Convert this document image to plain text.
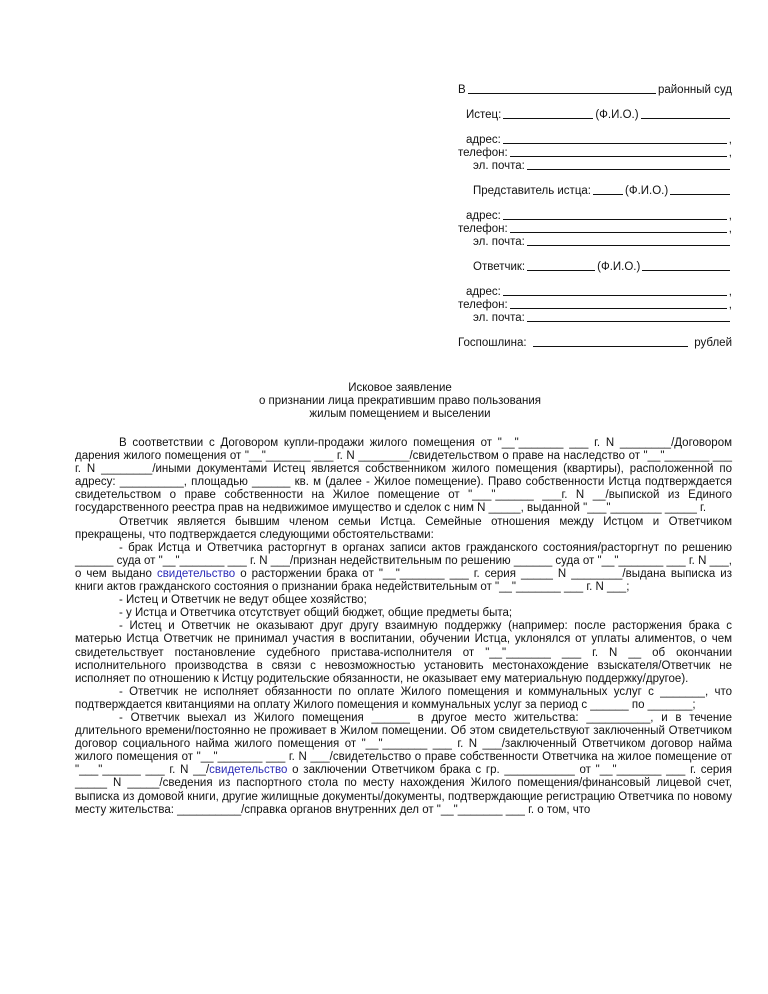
В	районный суд
Истец:	(Ф.И.О.)
адрес:	,
телефон:	,
эл. почта:
Представитель истца:	(Ф.И.О.)
адрес:	,
телефон:	,
эл. почта:
Ответчик:	(Ф.И.О.)
адрес:	,
телефон:	,
эл. почта:
Госпошлина:	рублей
Исковое заявление
о признании лица прекратившим право пользования
жилым помещением и выселении

В соответствии с Договором купли-продажи жилого помещения от "__"_______ ___ г. N ________/Договором дарения жилого помещения от "__"_______ ___ г. N ________/свидетельством о праве на наследство от "__"_______ ___ г. N ________/иными документами Истец является собственником жилого помещения (квартиры), расположенной по адресу: __________, площадью ______ кв. м (далее - Жилое помещение). Право собственности Истца подтверждается свидетельством о праве собственности на Жилое помещение от "___"______ ___г. N __/выпиской из Единого государственного реестра прав на недвижимое имущество и сделок с ним N _____, выданной "___"________ _____ г.

Ответчик является бывшим членом семьи Истца. Семейные отношения между Истцом и Ответчиком прекращены, что подтверждается следующими обстоятельствами:

- брак Истца и Ответчика расторгнут в органах записи актов гражданского состояния/расторгнут по решению ______ суда от "__"_______ ___ г. N ___/признан недействительным по решению ______ суда от "__"_______ ___ г. N ___, о чем выдано свидетельство о расторжении брака от "__"_______ ___ г. серия _____ N ________/выдана выписка из книги актов гражданского состояния о признании брака недействительным от "__"_______ ___ г. N ___;

- Истец и Ответчик не ведут общее хозяйство;

- у Истца и Ответчика отсутствует общий бюджет, общие предметы быта;

- Истец и Ответчик не оказывают друг другу взаимную поддержку (например: после расторжения брака с матерью Истца Ответчик не принимал участия в воспитании, обучении Истца, уклонялся от уплаты алиментов, о чем свидетельствует постановление судебного пристава-исполнителя от "__"_______ ___ г. N __ об окончании исполнительного производства в связи с невозможностью установить местонахождение взыскателя/Ответчик не исполняет по отношению к Истцу родительские обязанности, не оказывает ему материальную поддержку/другое).

- Ответчик не исполняет обязанности по оплате Жилого помещения и коммунальных услуг с _______, что подтверждается квитанциями на оплату Жилого помещения и коммунальных услуг за период с ______ по _______;

- Ответчик выехал из Жилого помещения ______ в другое место жительства: __________, и в течение длительного времени/постоянно не проживает в Жилом помещении. Об этом свидетельствуют заключенный Ответчиком договор социального найма жилого помещения от "__"_______ ___ г. N ___/заключенный Ответчиком договор найма жилого помещения от "__"_______ ___ г. N ___/свидетельство о праве собственности Ответчика на жилое помещение от "___"______ ___ г. N __/свидетельство о заключении Ответчиком брака с гр. ___________ от "__"_______ ___ г. серия _____ N _____/сведения из паспортного стола по месту нахождения Жилого помещения/финансовый лицевой счет, выписка из домовой книги, другие жилищные документы/документы, подтверждающие регистрацию Ответчика по новому месту жительства: __________/справка органов внутренних дел от "__"_______ ___ г. о том, что
